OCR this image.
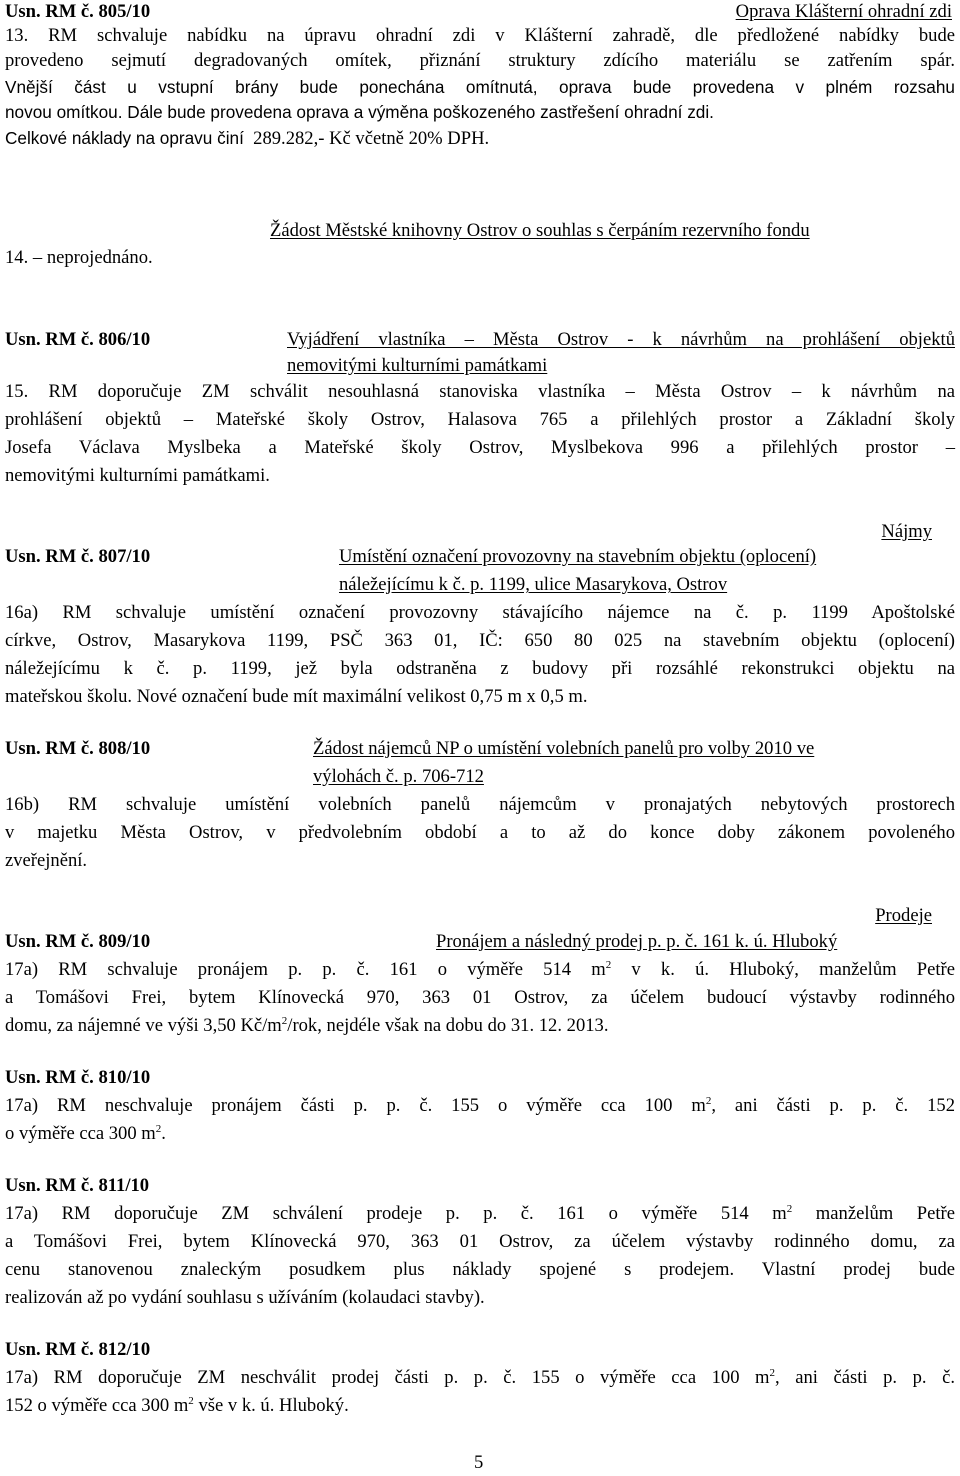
Usn. RM č. 805/10	Oprava Klášterní ohradní zdi
13. RM schvaluje nabídku na úpravu ohradní zdi v Klášterní zahradě, dle předložené nabídky bude
provedeno sejmutí degradovaných omítek, přiznání struktury zdícího materiálu se zatřením spár.
Vnější část u vstupní brány bude ponechána omítnutá, oprava bude provedena v plném rozsahu
novou omítkou. Dále bude provedena oprava a výměna poškozeného zastřešení ohradní zdi.
Celkové náklady na opravu činí 289.282,- Kč včetně 20% DPH.
Žádost Městské knihovny Ostrov o souhlas s čerpáním rezervního fondu
14. – neprojednáno.
Usn. RM č. 806/10	Vyjádření vlastníka – Města Ostrov - k návrhům na prohlášení objektů
nemovitými kulturními památkami
15. RM doporučuje ZM schválit nesouhlasná stanoviska vlastníka – Města Ostrov – k návrhům na
prohlášení objektů – Mateřské školy Ostrov, Halasova 765 a přilehlých prostor a Základní školy
Josefa Václava Myslbeka a Mateřské školy Ostrov, Myslbekova 996 a přilehlých prostor –
nemovitými kulturními památkami.
Nájmy
Usn. RM č. 807/10	Umístění označení provozovny na stavebním objektu (oplocení)
náležejícímu k č. p. 1199, ulice Masarykova, Ostrov
16a) RM schvaluje umístění označení provozovny stávajícího nájemce na č. p. 1199 Apoštolské
církve, Ostrov, Masarykova 1199, PSČ 363 01, IČ: 650 80 025 na stavebním objektu (oplocení)
náležejícímu k č. p. 1199, jež byla odstraněna z budovy při rozsáhlé rekonstrukci objektu na
mateřskou školu. Nové označení bude mít maximální velikost 0,75 m x 0,5 m.
Usn. RM č. 808/10	Žádost nájemců NP o umístění volebních panelů pro volby 2010 ve
výlohách č. p. 706-712
16b) RM schvaluje umístění volebních panelů nájemcům v pronajatých nebytových prostorech
v majetku Města Ostrov, v předvolebním období a to až do konce doby zákonem povoleného
zveřejnění.
Prodeje
Usn. RM č. 809/10	Pronájem a následný prodej p. p. č. 161 k. ú. Hluboký
17a) RM schvaluje pronájem p. p. č. 161 o výměře 514 $m^2$ v k. ú. Hluboký, manželům Petře
a Tomášovi Frei, bytem Klínovecká 970, 363 01 Ostrov, za účelem budoucí výstavby rodinného
domu, za nájemné ve výši 3,50 $Kč/m^2$/rok, nejdéle však na dobu do 31. 12. 2013.
Usn. RM č. 810/10
17a) RM neschvaluje pronájem části p. p. č. 155 o výměře cca 100 $m^2$, ani části p. p. č. 152
o výměře cca 300 $m^2$.
Usn. RM č. 811/10
17a) RM doporučuje ZM schválení prodeje p. p. č. 161 o výměře 514 $m^2$ manželům Petře
a Tomášovi Frei, bytem Klínovecká 970, 363 01 Ostrov, za účelem výstavby rodinného domu, za
cenu stanovenou znaleckým posudkem plus náklady spojené s prodejem. Vlastní prodej bude
realizován až po vydání souhlasu s užíváním (kolaudaci stavby).
Usn. RM č. 812/10
17a) RM doporučuje ZM neschválit prodej části p. p. č. 155 o výměře cca 100 $m^2$, ani části p. p. č.
152 o výměře cca 300 $m^2$ vše v k. ú. Hluboký.
5
